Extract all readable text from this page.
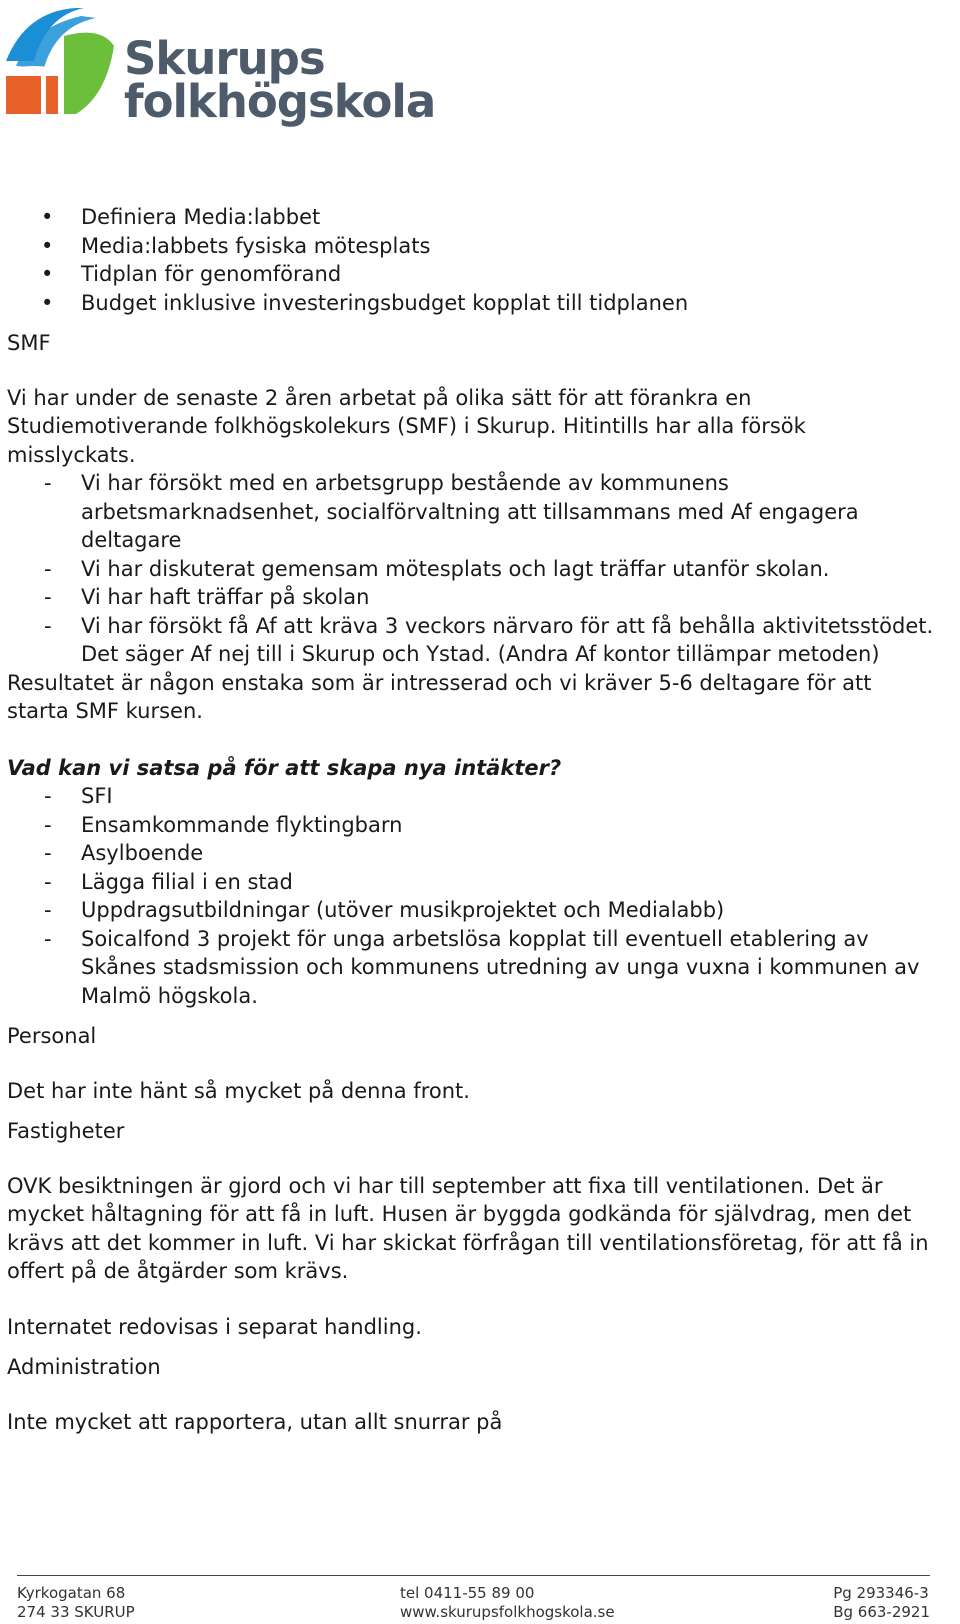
Skurups
folkhögskola
• Definiera Media:labbet
• Media:labbets fysiska mötesplats
• Tidplan för genomförand
• Budget inklusive investeringsbudget kopplat till tidplanen
SMF

Vi har under de senaste 2 åren arbetat på olika sätt för att förankra en Studiemotiverande folkhögskolekurs (SMF) i Skurup. Hitintills har alla försök misslyckats.

- Vi har försökt med en arbetsgrupp bestående av kommunens arbetsmarknadsenhet, socialförvaltning att tillsammans med Af engagera deltagare
- Vi har diskuterat gemensam mötesplats och lagt träffar utanför skolan.
- Vi har haft träffar på skolan
- Vi har försökt få Af att kräva 3 veckors närvaro för att få behålla aktivitetsstödet. Det säger Af nej till i Skurup och Ystad. (Andra Af kontor tillämpar metoden)

Resultatet är någon enstaka som är intresserad och vi kräver 5-6 deltagare för att starta SMF kursen.

Vad kan vi satsa på för att skapa nya intäkter?
- SFI
- Ensamkommande flyktingbarn
- Asylboende
- Lägga filial i en stad
- Uppdragsutbildningar (utöver musikprojektet och Medialabb)
- Soicalfond 3 projekt för unga arbetslösa kopplat till eventuell etablering av Skånes stadsmission och kommunens utredning av unga vuxna i kommunen av Malmö högskola.
Personal

Det har inte hänt så mycket på denna front.

Fastigheter

OVK besiktningen är gjord och vi har till september att fixa till ventilationen. Det är mycket håltagning för att få in luft. Husen är byggda godkända för självdrag, men det krävs att det kommer in luft. Vi har skickat förfrågan till ventilationsföretag, för att få in offert på de åtgärder som krävs.

Internatet redovisas i separat handling.

Administration

Inte mycket att rapportera, utan allt snurrar på

Kyrkogatan 68
274 33 SKURUP
tel 0411-55 89 00
www.skurupsfolkhogskola.se
Pg 293346-3
Bg 663-2921
